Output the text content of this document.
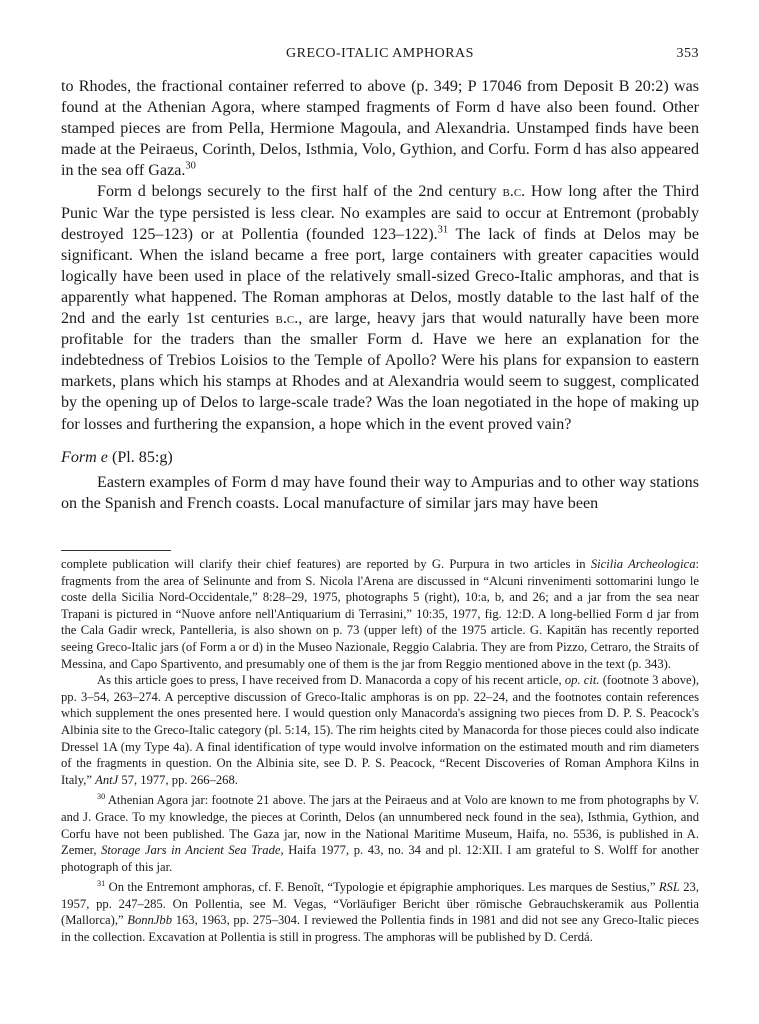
GRECO-ITALIC AMPHORAS	353

to Rhodes, the fractional container referred to above (p. 349; P 17046 from Deposit B 20:2) was found at the Athenian Agora, where stamped fragments of Form d have also been found. Other stamped pieces are from Pella, Hermione Magoula, and Alexandria. Unstamped finds have been made at the Peiraeus, Corinth, Delos, Isthmia, Volo, Gythion, and Corfu. Form d has also appeared in the sea off Gaza.$^{30}$

Form d belongs securely to the first half of the 2nd century b.c. How long after the Third Punic War the type persisted is less clear. No examples are said to occur at Entremont (probably destroyed 125–123) or at Pollentia (founded 123–122).$^{31}$ The lack of finds at Delos may be significant. When the island became a free port, large containers with greater capacities would logically have been used in place of the relatively small-sized Greco-Italic amphoras, and that is apparently what happened. The Roman amphoras at Delos, mostly datable to the last half of the 2nd and the early 1st centuries b.c., are large, heavy jars that would naturally have been more profitable for the traders than the smaller Form d. Have we here an explanation for the indebtedness of Trebios Loisios to the Temple of Apollo? Were his plans for expansion to eastern markets, plans which his stamps at Rhodes and at Alexandria would seem to suggest, complicated by the opening up of Delos to large-scale trade? Was the loan negotiated in the hope of making up for losses and furthering the expansion, a hope which in the event proved vain?

Form e (Pl. 85:g)

Eastern examples of Form d may have found their way to Ampurias and to other way stations on the Spanish and French coasts. Local manufacture of similar jars may have been

complete publication will clarify their chief features) are reported by G. Purpura in two articles in Sicilia Archeologica: fragments from the area of Selinunte and from S. Nicola l'Arena are discussed in “Alcuni rinvenimenti sottomarini lungo le coste della Sicilia Nord-Occidentale,” 8:28–29, 1975, photographs 5 (right), 10:a, b, and 26; and a jar from the sea near Trapani is pictured in “Nuove anfore nell'Antiquarium di Terrasini,” 10:35, 1977, fig. 12:D. A long-bellied Form d jar from the Cala Gadir wreck, Pantelleria, is also shown on p. 73 (upper left) of the 1975 article. G. Kapitän has recently reported seeing Greco-Italic jars (of Form a or d) in the Museo Nazionale, Reggio Calabria. They are from Pizzo, Cetraro, the Straits of Messina, and Capo Spartivento, and presumably one of them is the jar from Reggio mentioned above in the text (p. 343).

As this article goes to press, I have received from D. Manacorda a copy of his recent article, op. cit. (footnote 3 above), pp. 3–54, 263–274. A perceptive discussion of Greco-Italic amphoras is on pp. 22–24, and the footnotes contain references which supplement the ones presented here. I would question only Manacorda's assigning two pieces from D. P. S. Peacock's Albinia site to the Greco-Italic category (pl. 5:14, 15). The rim heights cited by Manacorda for those pieces could also indicate Dressel 1A (my Type 4a). A final identification of type would involve information on the estimated mouth and rim diameters of the fragments in question. On the Albinia site, see D. P. S. Peacock, “Recent Discoveries of Roman Amphora Kilns in Italy,” AntJ 57, 1977, pp. 266–268.

$^{30}$ Athenian Agora jar: footnote 21 above. The jars at the Peiraeus and at Volo are known to me from photographs by V. and J. Grace. To my knowledge, the pieces at Corinth, Delos (an unnumbered neck found in the sea), Isthmia, Gythion, and Corfu have not been published. The Gaza jar, now in the National Maritime Museum, Haifa, no. 5536, is published in A. Zemer, Storage Jars in Ancient Sea Trade, Haifa 1977, p. 43, no. 34 and pl. 12:XII. I am grateful to S. Wolff for another photograph of this jar.

$^{31}$ On the Entremont amphoras, cf. F. Benoît, “Typologie et épigraphie amphoriques. Les marques de Sestius,” RSL 23, 1957, pp. 247–285. On Pollentia, see M. Vegas, “Vorläufiger Bericht über römische Gebrauchskeramik aus Pollentia (Mallorca),” BonnJbb 163, 1963, pp. 275–304. I reviewed the Pollentia finds in 1981 and did not see any Greco-Italic pieces in the collection. Excavation at Pollentia is still in progress. The amphoras will be published by D. Cerdá.
